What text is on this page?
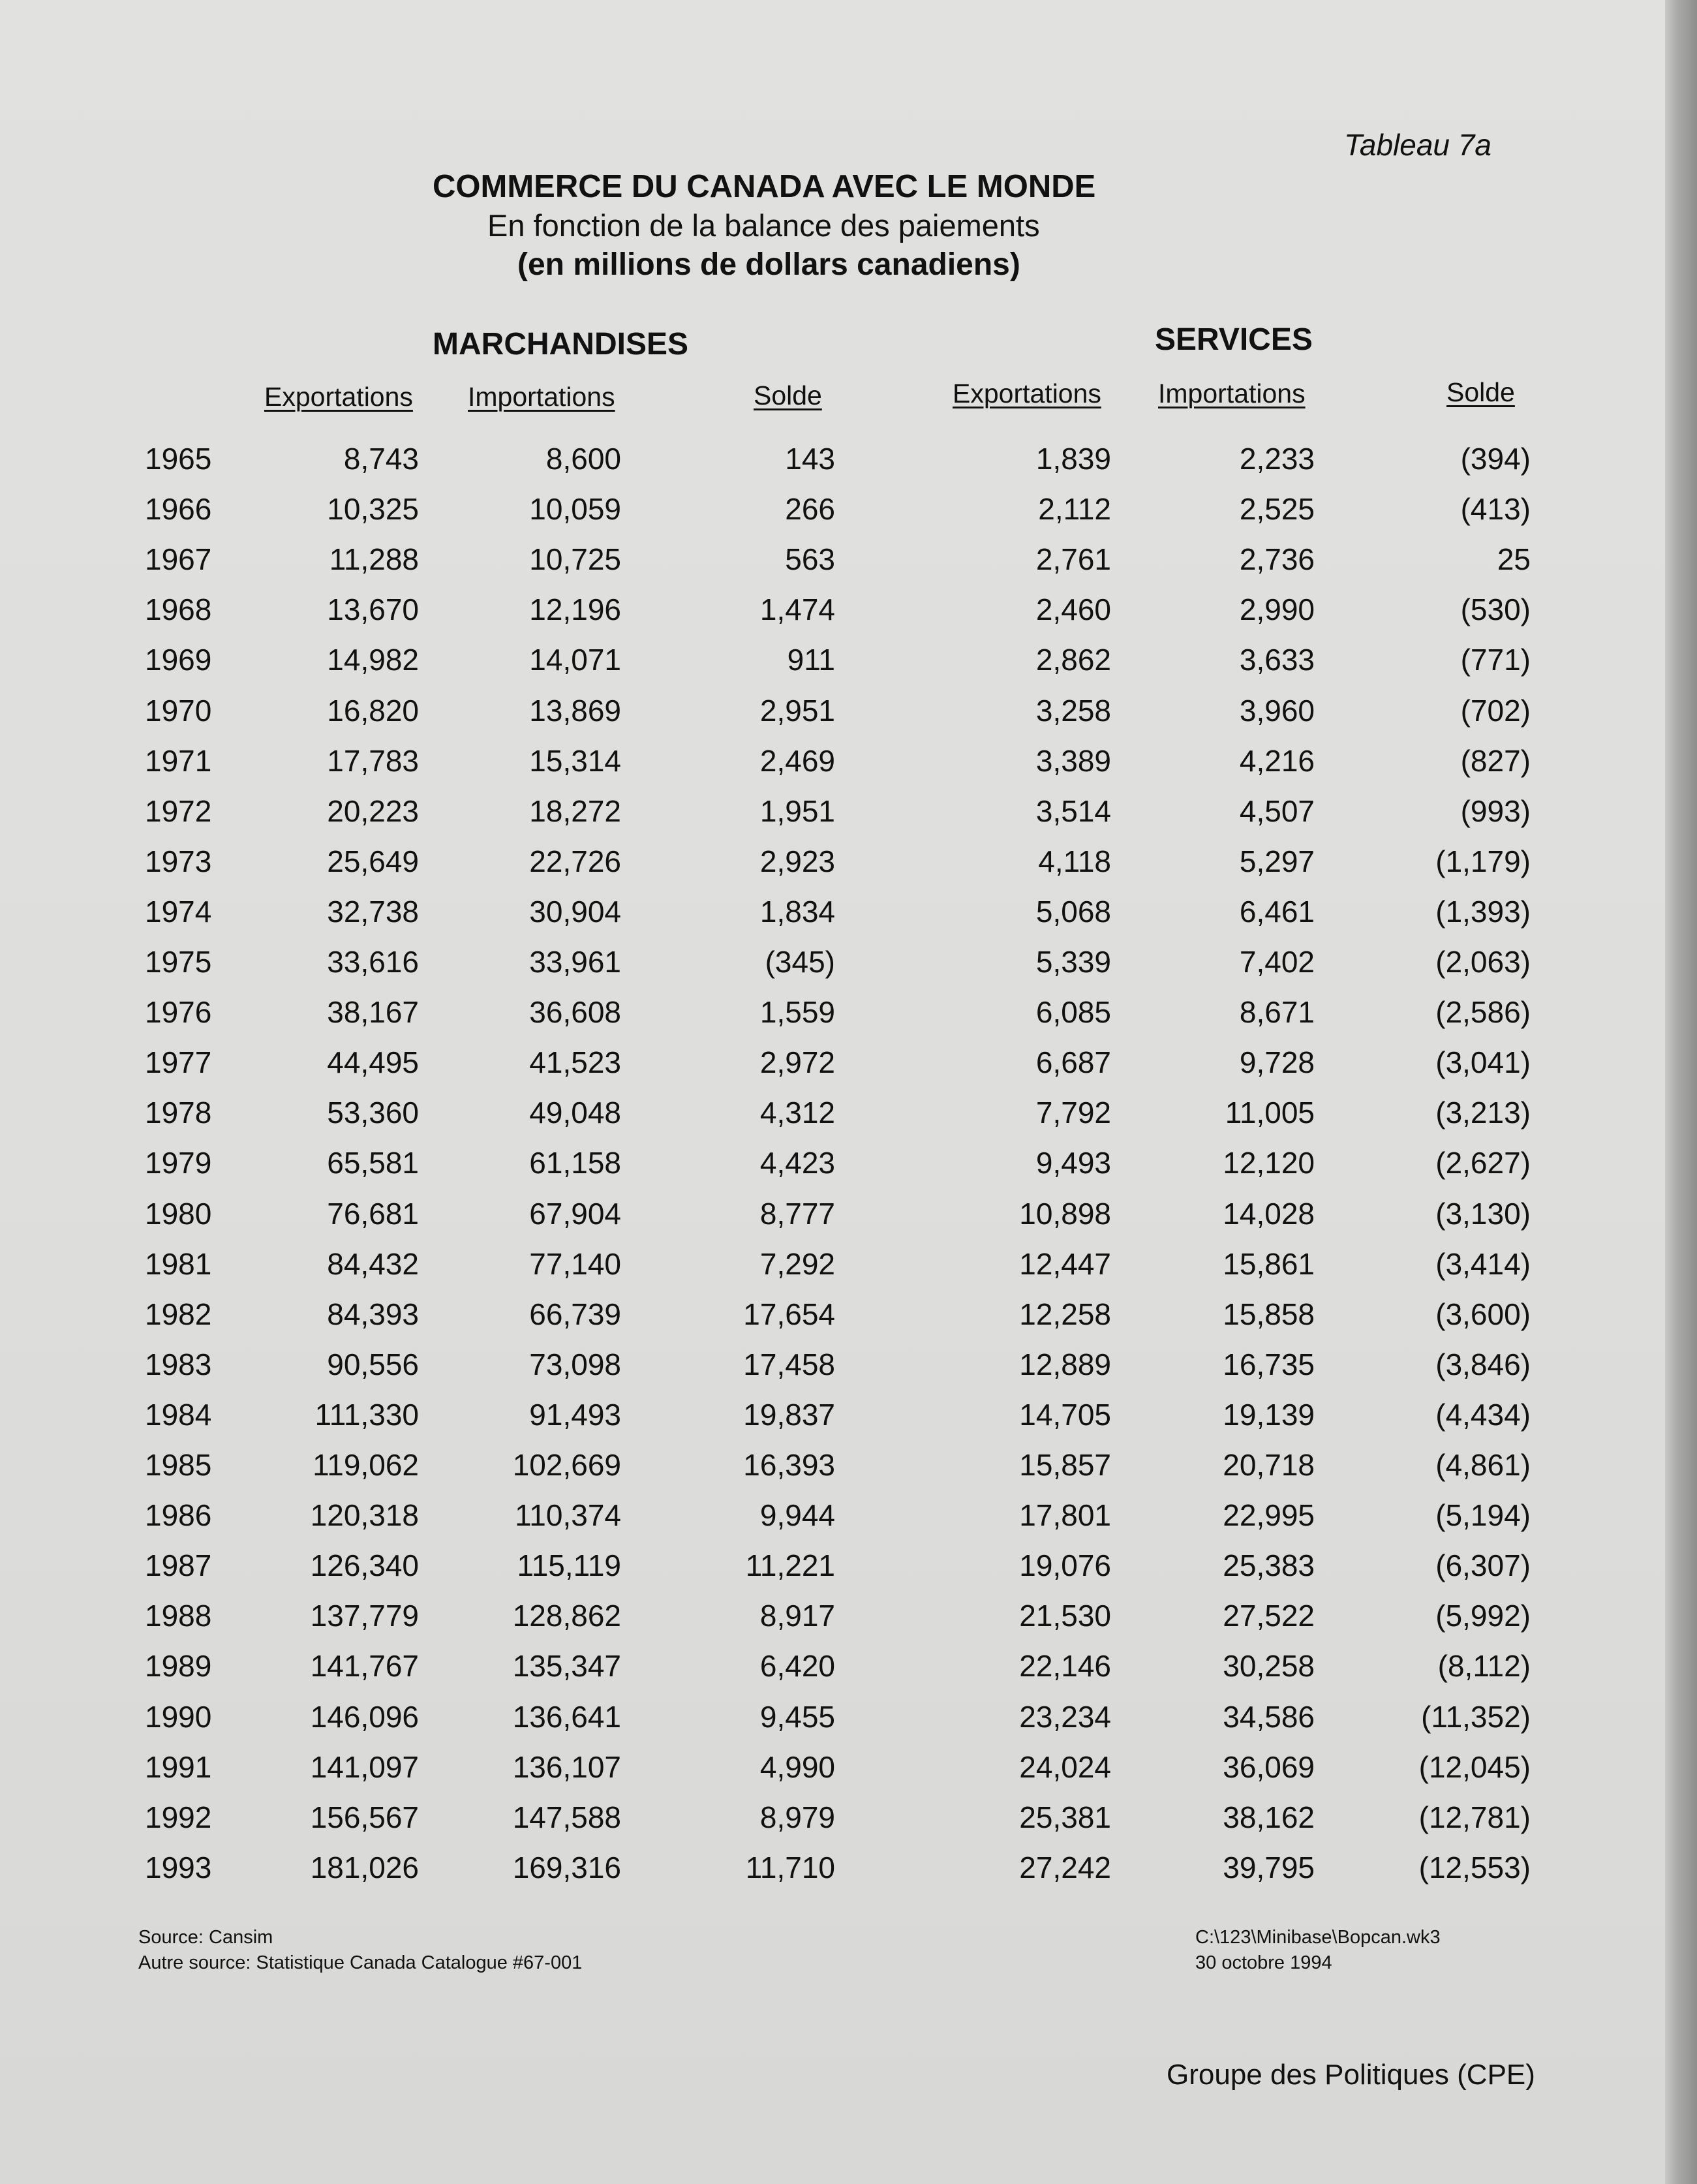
Tableau 7a
COMMERCE DU CANADA AVEC LE MONDE
En fonction de la balance des paiements
(en millions de dollars canadiens)
MARCHANDISES	SERVICES
Exportations Importations	Solde	Exportations Importations	Solde
1965	8,743	8,600	143	1,839	2,233	(394)
1966	10,325	10,059	266	2,112	2,525	(413)
1967	11,288	10,725	563	2,761	2,736	25
1968	13,670	12,196	1,474	2,460	2,990	(530)
1969	14,982	14,071	911	2,862	3,633	(771)
1970	16,820	13,869	2,951	3,258	3,960	(702)
1971	17,783	15,314	2,469	3,389	4,216	(827)
1972	20,223	18,272	1,951	3,514	4,507	(993)
1973	25,649	22,726	2,923	4,118	5,297	(1,179)
1974	32,738	30,904	1,834	5,068	6,461	(1,393)
1975	33,616	33,961	(345)	5,339	7,402	(2,063)
1976	38,167	36,608	1,559	6,085	8,671	(2,586)
1977	44,495	41,523	2,972	6,687	9,728	(3,041)
1978	53,360	49,048	4,312	7,792	11,005	(3,213)
1979	65,581	61,158	4,423	9,493	12,120	(2,627)
1980	76,681	67,904	8,777	10,898	14,028	(3,130)
1981	84,432	77,140	7,292	12,447	15,861	(3,414)
1982	84,393	66,739	17,654	12,258	15,858	(3,600)
1983	90,556	73,098	17,458	12,889	16,735	(3,846)
1984	111,330	91,493	19,837	14,705	19,139	(4,434)
1985	119,062	102,669	16,393	15,857	20,718	(4,861)
1986	120,318	110,374	9,944	17,801	22,995	(5,194)
1987	126,340	115,119	11,221	19,076	25,383	(6,307)
1988	137,779	128,862	8,917	21,530	27,522	(5,992)
1989	141,767	135,347	6,420	22,146	30,258	(8,112)
1990	146,096	136,641	9,455	23,234	34,586	(11,352)
1991	141,097	136,107	4,990	24,024	36,069	(12,045)
1992	156,567	147,588	8,979	25,381	38,162	(12,781)
1993	181,026	169,316	11,710	27,242	39,795	(12,553)
Source: Cansim
Autre source: Statistique Canada Catalogue #67-001
C:\123\Minibase\Bopcan.wk3
30 octobre 1994
Groupe des Politiques (CPE)
